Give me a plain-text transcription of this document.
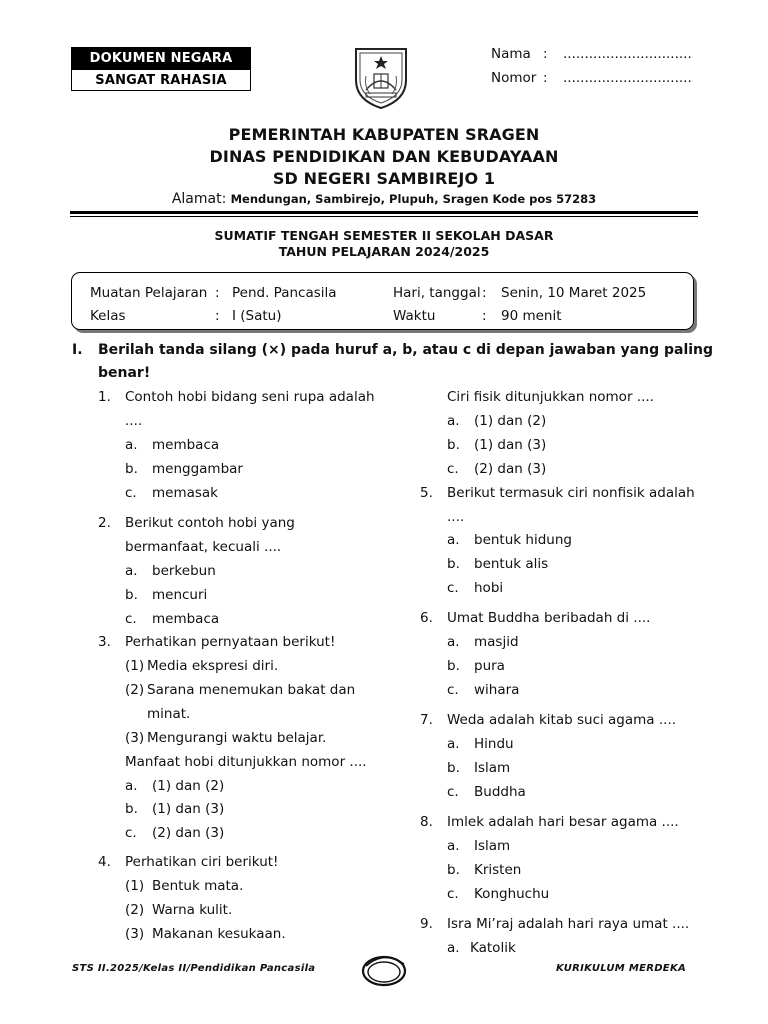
DOKUMEN NEGARA
SANGAT RAHASIA
Nama : ..............................
Nomor : ..............................
PEMERINTAH KABUPATEN SRAGEN
DINAS PENDIDIKAN DAN KEBUDAYAAN
SD NEGERI SAMBIREJO 1
Alamat: Mendungan, Sambirejo, Plupuh, Sragen Kode pos 57283
SUMATIF TENGAH SEMESTER II SEKOLAH DASAR
TAHUN PELAJARAN 2024/2025
Muatan Pelajaran : Pend. Pancasila
Kelas	: I (Satu)
Hari, tanggal : Senin, 10 Maret 2025
Waktu	: 90 menit
I. Berilah tanda silang (×) pada huruf a, b, atau c di depan jawaban yang paling
benar!
1. Contoh hobi bidang seni rupa adalah
....
a. membaca
b. menggambar
c. memasak
2. Berikut contoh hobi yang
bermanfaat, kecuali ....
a. berkebun
b. mencuri
c. membaca
3. Perhatikan pernyataan berikut!
(1) Media ekspresi diri.
(2) Sarana menemukan bakat dan
minat.
(3) Mengurangi waktu belajar.
Manfaat hobi ditunjukkan nomor ....
a. (1) dan (2)
b. (1) dan (3)
c. (2) dan (3)
4. Perhatikan ciri berikut!
(1) Bentuk mata.
(2) Warna kulit.
(3) Makanan kesukaan.
Ciri fisik ditunjukkan nomor ....
a. (1) dan (2)
b. (1) dan (3)
c. (2) dan (3)
5. Berikut termasuk ciri nonfisik adalah
....
a. bentuk hidung
b. bentuk alis
c. hobi
6. Umat Buddha beribadah di ....
a. masjid
b. pura
c. wihara
7. Weda adalah kitab suci agama ....
a. Hindu
b. Islam
c. Buddha
8. Imlek adalah hari besar agama ....
a. Islam
b. Kristen
c. Konghuchu
9. Isra Mi’raj adalah hari raya umat ....
a. Katolik
STS II.2025/Kelas II/Pendidikan Pancasila	KURIKULUM MERDEKA
